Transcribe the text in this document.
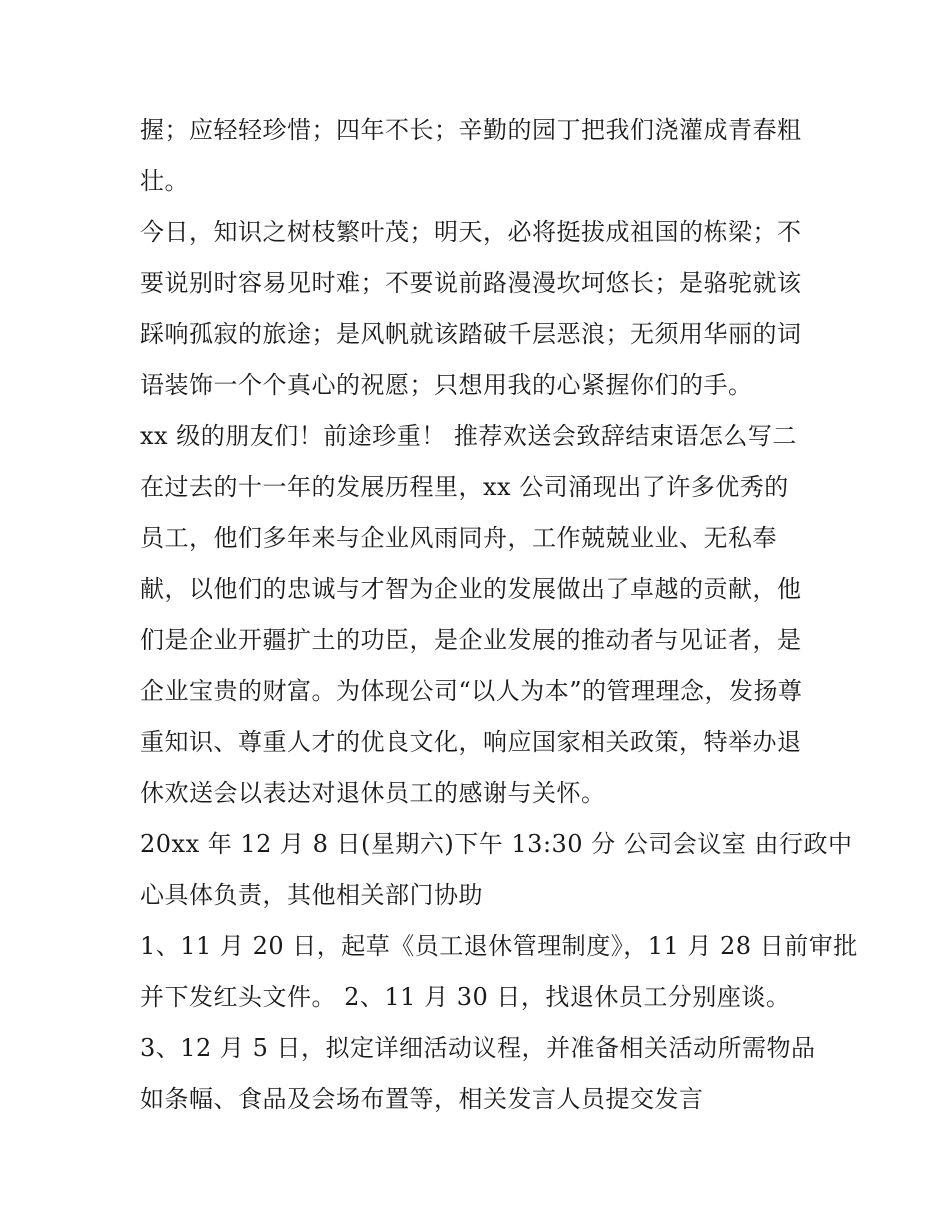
握；应轻轻珍惜；四年不长；辛勤的园丁把我们浇灌成青春粗
壮。
今日，知识之树枝繁叶茂；明天，必将挺拔成祖国的栋梁；不
要说别时容易见时难；不要说前路漫漫坎坷悠长；是骆驼就该
踩响孤寂的旅途；是风帆就该踏破千层恶浪；无须用华丽的词
语装饰一个个真心的祝愿；只想用我的心紧握你们的手。
xx 级的朋友们！前途珍重！ 推荐欢送会致辞结束语怎么写二
在过去的十一年的发展历程里，xx 公司涌现出了许多优秀的
员工，他们多年来与企业风雨同舟，工作兢兢业业、无私奉
献，以他们的忠诚与才智为企业的发展做出了卓越的贡献，他
们是企业开疆扩土的功臣，是企业发展的推动者与见证者，是
企业宝贵的财富。为体现公司“以人为本”的管理理念，发扬尊
重知识、尊重人才的优良文化，响应国家相关政策，特举办退
休欢送会以表达对退休员工的感谢与关怀。
20xx 年 12 月 8 日(星期六)下午 13:30 分 公司会议室 由行政中
心具体负责，其他相关部门协助
1、11 月 20 日，起草《员工退休管理制度》，11 月 28 日前审批
并下发红头文件。 2、11 月 30 日，找退休员工分别座谈。
3、12 月 5 日，拟定详细活动议程，并准备相关活动所需物品
如条幅、食品及会场布置等，相关发言人员提交发言
